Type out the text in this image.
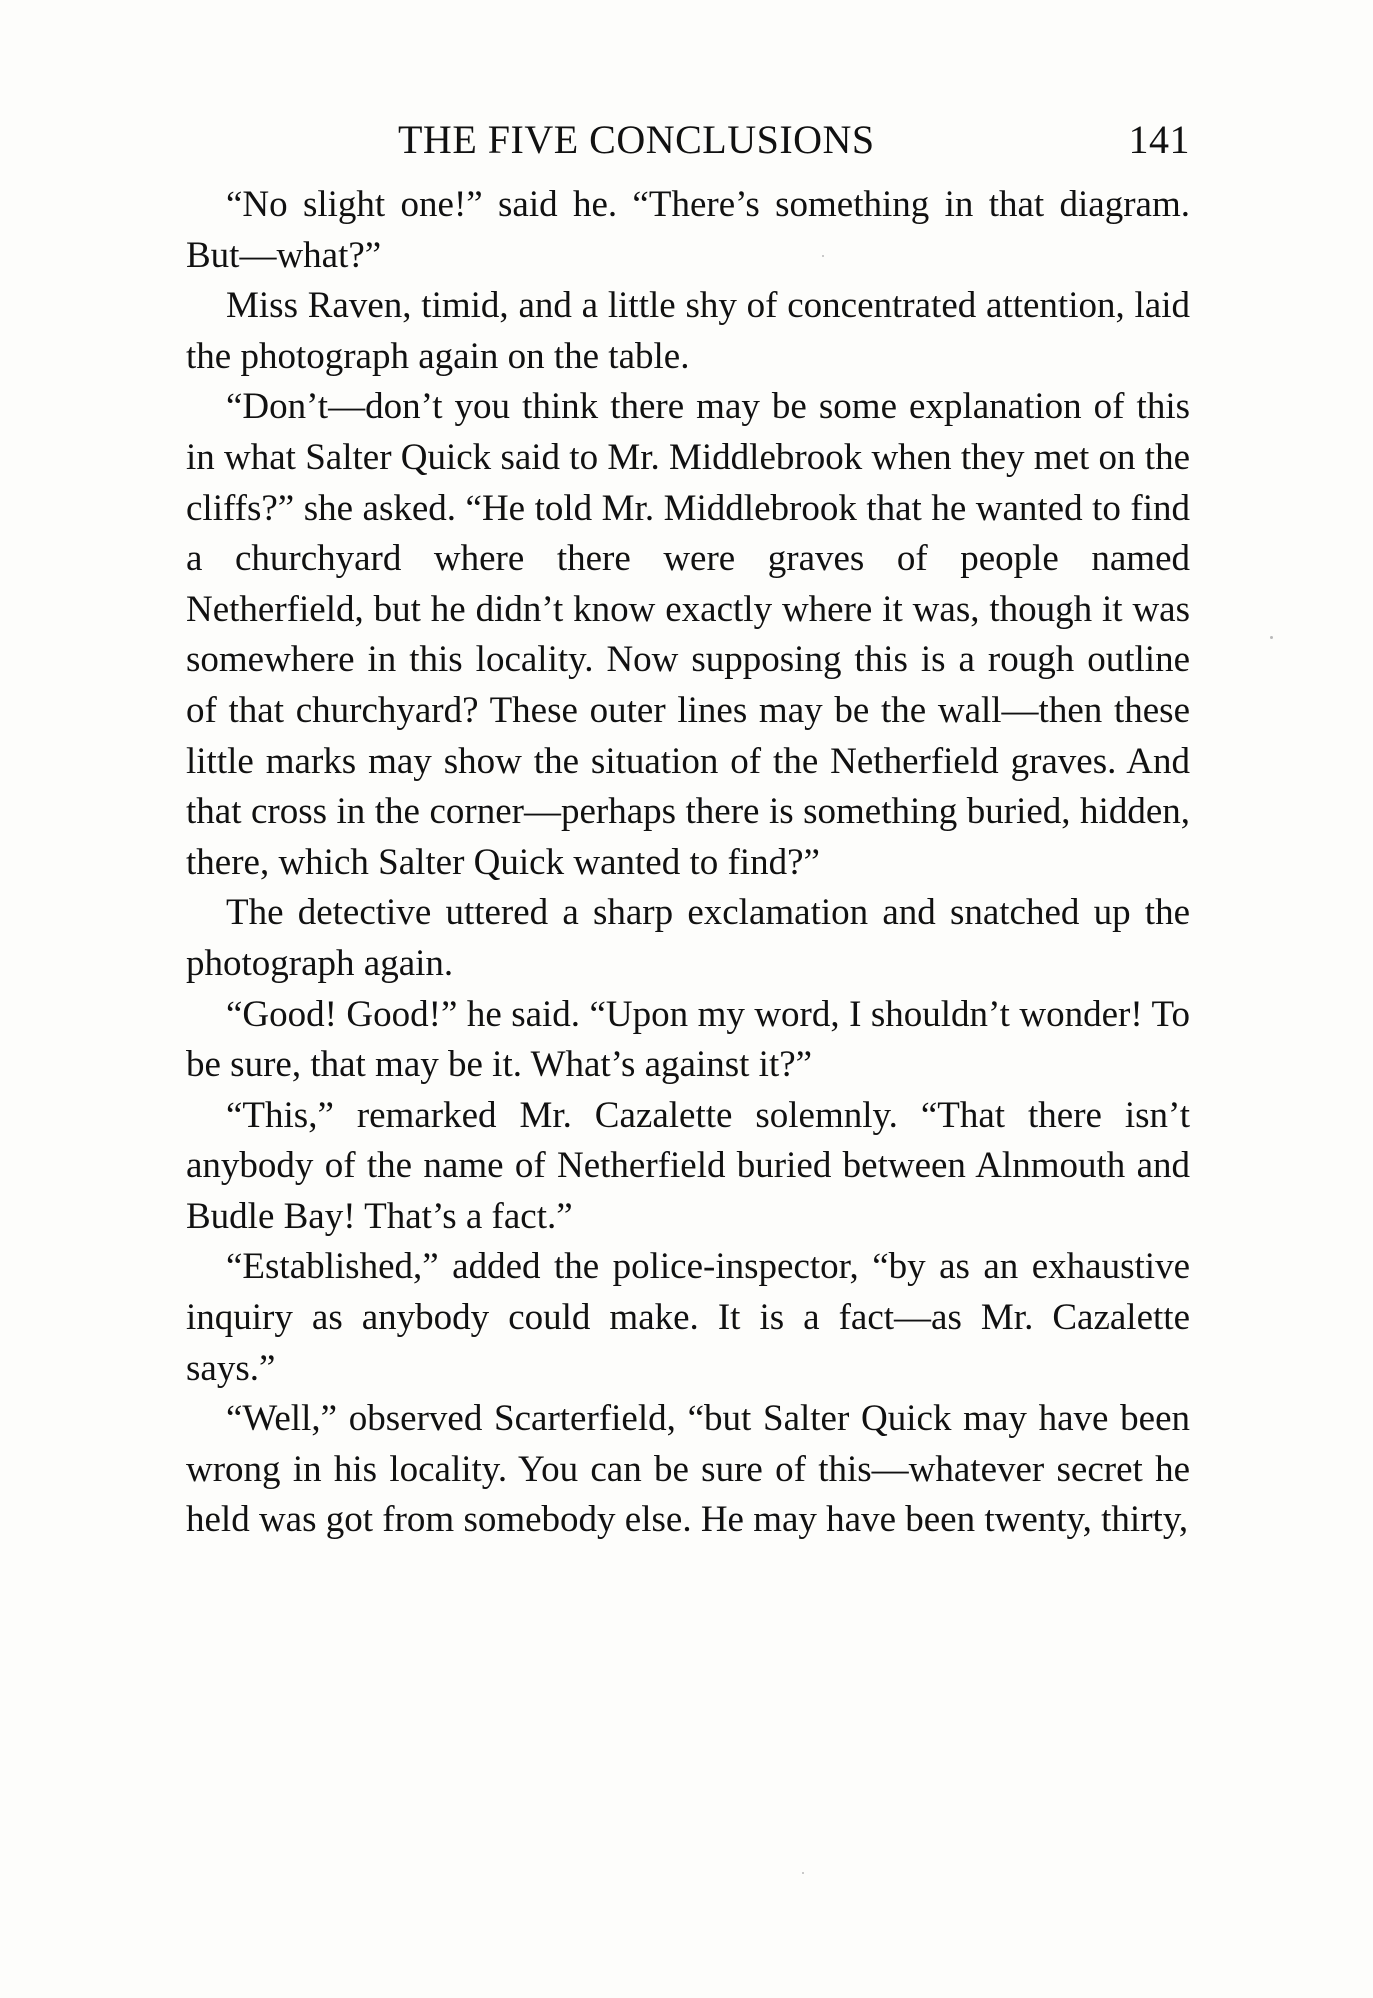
THE FIVE CONCLUSIONS	141

“No slight one!” said he. “There’s something in that diagram. But—what?”

Miss Raven, timid, and a little shy of concentrated attention, laid the photograph again on the table.

“Don’t—don’t you think there may be some explanation of this in what Salter Quick said to Mr. Middlebrook when they met on the cliffs?” she asked. “He told Mr. Middlebrook that he wanted to find a churchyard where there were graves of people named Netherfield, but he didn’t know exactly where it was, though it was somewhere in this locality. Now supposing this is a rough outline of that churchyard? These outer lines may be the wall—then these little marks may show the situation of the Netherfield graves. And that cross in the corner—perhaps there is something buried, hidden, there, which Salter Quick wanted to find?”

The detective uttered a sharp exclamation and snatched up the photograph again.

“Good! Good!” he said. “Upon my word, I shouldn’t wonder! To be sure, that may be it. What’s against it?”

“This,” remarked Mr. Cazalette solemnly. “That there isn’t anybody of the name of Netherfield buried between Alnmouth and Budle Bay! That’s a fact.”

“Established,” added the police-inspector, “by as an exhaustive inquiry as anybody could make. It is a fact—as Mr. Cazalette says.”

“Well,” observed Scarterfield, “but Salter Quick may have been wrong in his locality. You can be sure of this—whatever secret he held was got from somebody else. He may have been twenty, thirty,
